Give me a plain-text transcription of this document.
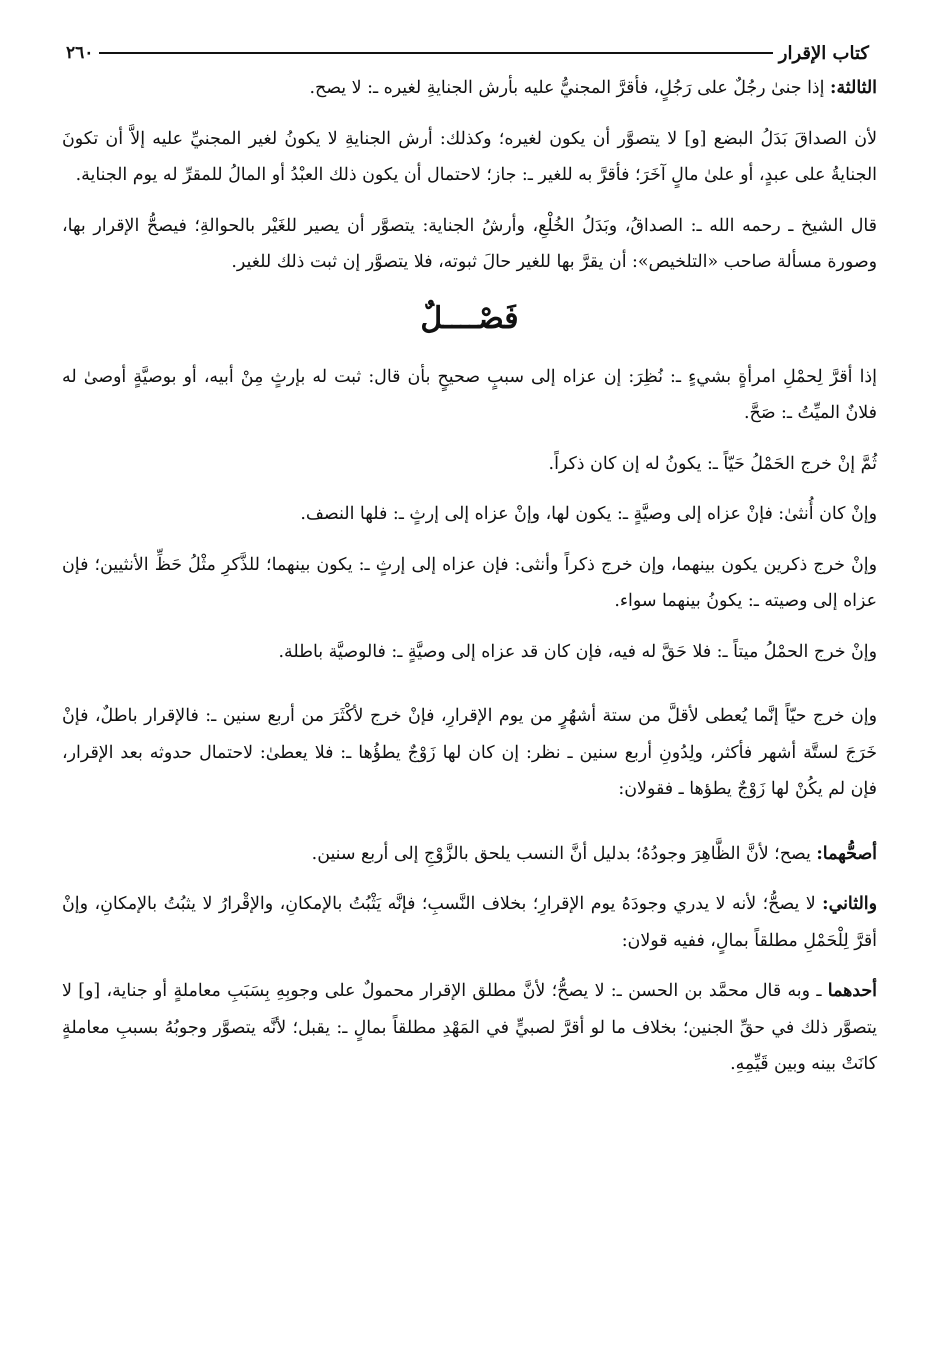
كتاب الإقرار
٢٦٠

الثالثة: إذا جنىٰ رجُلٌ على رَجُلٍ، فأقرَّ المجنيُّ عليه بأرش الجنايةِ لغيره ـ: لا يصح.

لأن الصداقَ بَدَلُ البضع [و] لا يتصوَّر أن يكون لغيره؛ وكذلك: أرش الجنايةِ لا يكونُ لغير المجنيِّ عليه إلاَّ أن تكونَ الجنايةُ على عبدٍ، أو علىٰ مالٍ آخَرَ؛ فأقرَّ به للغير ـ: جاز؛ لاحتمال أن يكون ذلك العبْدُ أو المالُ للمقرِّ له يوم الجناية.

قال الشيخ ـ رحمه الله ـ: الصداقُ، وبَدَلُ الخُلْعِ، وأرشُ الجناية: يتصوَّر أن يصير للغَيْر بالحوالةِ؛ فيصحُّ الإقرار بها، وصورة مسألة صاحب «التلخيص»: أن يقرَّ بها للغير حالَ ثبوته، فلا يتصوَّر إن ثبت ذلك للغير.

فَصْــــلٌ

إذا أقرَّ لِحمْلِ امرأةٍ بشيءٍ ـ: نُظِرَ: إن عزاه إلى سببٍ صحيحٍ بأن قال: ثبت له بإرثٍ مِنْ أبيه، أو بوصيَّةٍ أوصىٰ له فلانٌ الميِّتُ ـ: صَحَّ.

ثُمَّ إنْ خرج الحَمْلُ حَيّاً ـ: يكونُ له إن كان ذكراً.

وإنْ كان أُنثىٰ: فإنْ عزاه إلى وصيَّةٍ ـ: يكون لها، وإنْ عزاه إلى إرثٍ ـ: فلها النصف.

وإنْ خرج ذكرين يكون بينهما، وإن خرج ذكراً وأنثى: فإن عزاه إلى إرثٍ ـ: يكون بينهما؛ للذَّكرِ مثْلُ حَظِّ الأنثيين؛ فإن عزاه إلى وصيته ـ: يكونُ بينهما سواء.

وإنْ خرج الحمْلُ ميتاً ـ: فلا حَقَّ له فيه، فإن كان قد عزاه إلى وصيَّةٍ ـ: فالوصيَّة باطلة.

وإن خرج حيّاً إنَّما يُعطى لأقلَّ من ستة أشهُرٍ من يوم الإقرارِ، فإنْ خرج لأكْثَرَ من أربع سنين ـ: فالإقرار باطلٌ، فإنْ خَرَجَ لستَّة أشهر فأكثر، ولِدُونِ أربع سنين ـ نظر: إن كان لها زَوْجٌ يطؤُها ـ: فلا يعطىٰ: لاحتمال حدوثه بعد الإقرار، فإن لم يكُنْ لها زَوْجٌ يطؤها ـ فقولان:

أصحُّهما: يصح؛ لأنَّ الظَّاهِرَ وجودُهُ؛ بدليل أنَّ النسب يلحق بالزَّوْجِ إلى أربع سنين.

والثاني: لا يصحُّ؛ لأنه لا يدري وجودَهُ يوم الإقرارِ؛ بخلاف النَّسبِ؛ فإنَّه يَثْبُتُ بالإمكانِ، والإقْرارُ لا يثبُتُ بالإمكانِ، وإنْ أقرَّ لِلْحَمْلِ مطلقاً بمالٍ، ففيه قولان:

أحدهما ـ وبه قال محمَّد بن الحسن ـ: لا يصحُّ؛ لأنَّ مطلق الإقرار محمولٌ على وجوبِهِ بِسَبَبِ معاملةٍ أو جناية، [و] لا يتصوَّر ذلك في حقِّ الجنين؛ بخلاف ما لو أقرَّ لصبيٍّ في المَهْدِ مطلقاً بمالٍ ـ: يقبل؛ لأنَّه يتصوَّر وجوبُهُ بسببِ معاملةٍ كانَتْ بينه وبين قَيِّمِهِ.
